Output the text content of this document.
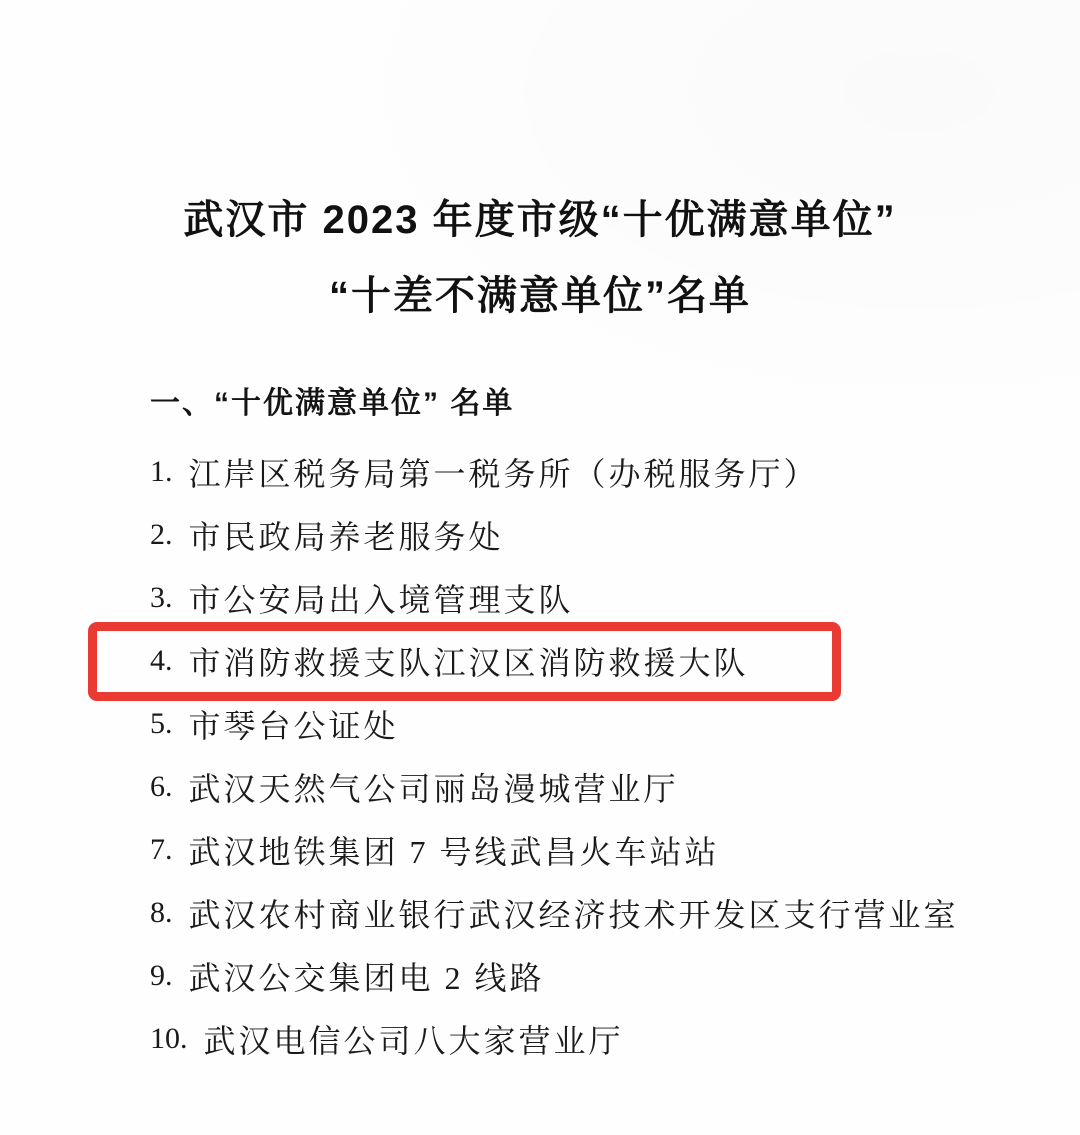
武汉市 2023 年度市级“十优满意单位”
“十差不满意单位”名单
一、“十优满意单位” 名单
1. 江岸区税务局第一税务所（办税服务厅）
2. 市民政局养老服务处
3. 市公安局出入境管理支队
4. 市消防救援支队江汉区消防救援大队
5. 市琴台公证处
6. 武汉天然气公司丽岛漫城营业厅
7. 武汉地铁集团 7 号线武昌火车站站
8. 武汉农村商业银行武汉经济技术开发区支行营业室
9. 武汉公交集团电 2 线路
10. 武汉电信公司八大家营业厅
